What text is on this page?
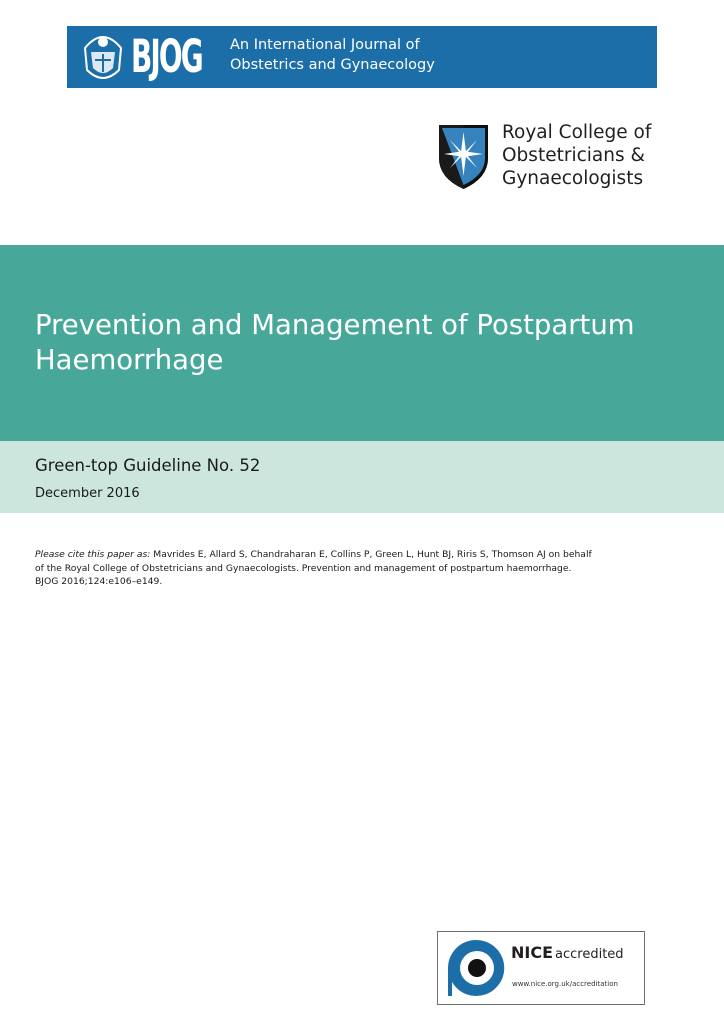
BJOG An International Journal of
Obstetrics and Gynaecology
Royal College of
Obstetricians &
Gynaecologists
Prevention and Management of Postpartum
Haemorrhage
Green-top Guideline No. 52
December 2016
Please cite this paper as: Mavrides E, Allard S, Chandraharan E, Collins P, Green L, Hunt BJ, Riris S, Thomson AJ on behalf
of the Royal College of Obstetricians and Gynaecologists. Prevention and management of postpartum haemorrhage.
BJOG 2016;124:e106–e149.
NICE accredited
www.nice.org.uk/accreditation
